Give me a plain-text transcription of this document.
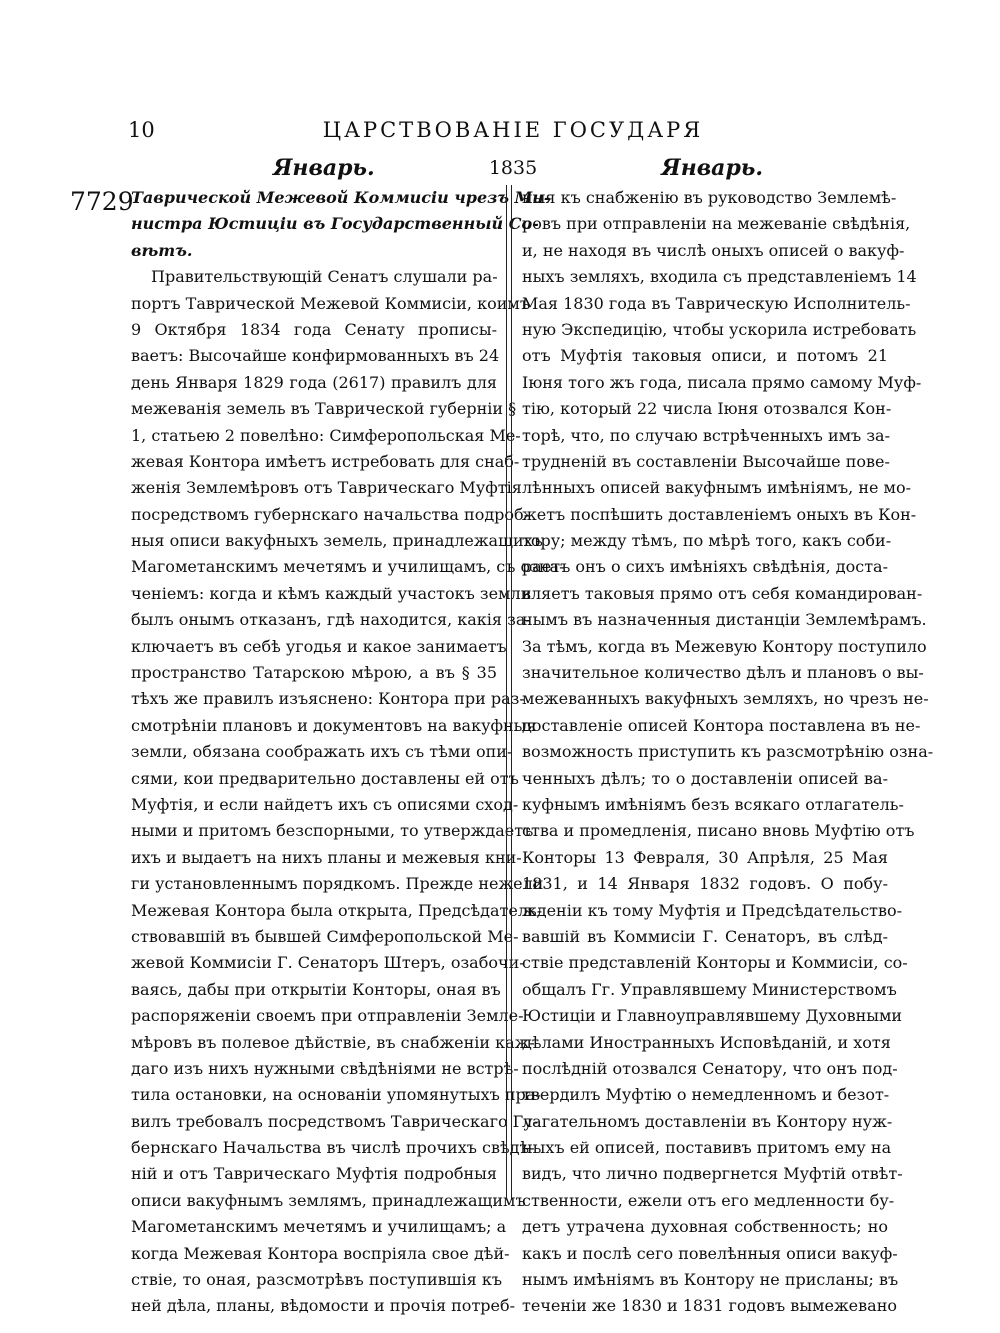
10	ЦАРСТВОВАНІЕ ГОСУДАРЯ
Январь.	1835	Январь.
7729
Таврической Межевой Коммисіи чрезъ Ми-
нистра Юстиціи въ Государственный Со-
вѣтъ.
Правительствующій Сенатъ слушали ра-
портъ Таврической Межевой Коммисіи, коимъ
9 Октября 1834 года Сенату прописы-
ваетъ: Высочайше конфирмованныхъ въ 24
день Января 1829 года (2617) правилъ для
межеванія земель въ Таврической губерніи §
1, статьею 2 повелѣно: Симферопольская Ме-
жевая Контора имѣетъ истребовать для снаб-
женія Землемѣровъ отъ Таврическаго Муфтія
посредствомъ губернскаго начальства подроб-
ныя описи вакуфныхъ земель, принадлежащихъ
Магометанскимъ мечетямъ и училищамъ, съ озна-
ченіемъ: когда и кѣмъ каждый участокъ земли
былъ онымъ отказанъ, гдѣ находится, какія за-
ключаетъ въ себѣ угодья и какое занимаетъ
пространство Татарскою мѣрою, а въ § 35
тѣхъ же правилъ изъяснено: Контора при раз-
смотрѣніи плановъ и документовъ на вакуфныя
земли, обязана соображать ихъ съ тѣми опи-
сями, кои предварительно доставлены ей отъ
Муфтія, и если найдетъ ихъ съ описями сход-
ными и притомъ безспорными, то утверждаетъ
ихъ и выдаетъ на нихъ планы и межевыя кни-
ги установленнымъ порядкомъ. Прежде нежели
Межевая Контора была открыта, Предсѣдатель-
ствовавшій въ бывшей Симферопольской Ме-
жевой Коммисіи Г. Сенаторъ Штеръ, озабочи-
ваясь, дабы при открытіи Конторы, оная въ
распоряженіи своемъ при отправленіи Земле-
мѣровъ въ полевое дѣйствіе, въ снабженіи каж-
даго изъ нихъ нужными свѣдѣніями не встрѣ-
тила остановки, на основаніи упомянутыхъ пра-
вилъ требовалъ посредствомъ Таврическаго Гу-
бернскаго Начальства въ числѣ прочихъ свѣдѣ-
ній и отъ Таврическаго Муфтія подробныя
описи вакуфнымъ землямъ, принадлежащимъ
Магометанскимъ мечетямъ и училищамъ; а
когда Межевая Контора воспріяла свое дѣй-
ствіе, то оная, разсмотрѣвъ поступившія къ
ней дѣла, планы, вѣдомости и прочія потреб-
ныя къ снабженію въ руководство Землемѣ-
ровъ при отправленіи на межеваніе свѣдѣнія,
и, не находя въ числѣ оныхъ описей о вакуф-
ныхъ земляхъ, входила съ представленіемъ 14
Мая 1830 года въ Таврическую Исполнитель-
ную Экспедицію, чтобы ускорила истребовать
отъ Муфтія таковыя описи, и потомъ 21
Іюня того жъ года, писала прямо самому Муф-
тію, который 22 числа Іюня отозвался Кон-
торѣ, что, по случаю встрѣченныхъ имъ за-
трудненій въ составленіи Высочайше пове-
лѣнныхъ описей вакуфнымъ имѣніямъ, не мо-
жетъ поспѣшить доставленіемъ оныхъ въ Кон-
тору; между тѣмъ, по мѣрѣ того, какъ соби-
раетъ онъ о сихъ имѣніяхъ свѣдѣнія, доста-
вляетъ таковыя прямо отъ себя командирован-
нымъ въ назначенныя дистанціи Землемѣрамъ.
За тѣмъ, когда въ Межевую Контору поступило
значительное количество дѣлъ и плановъ о вы-
межеванныхъ вакуфныхъ земляхъ, но чрезъ не-
доставленіе описей Контора поставлена въ не-
возможность приступить къ разсмотрѣнію озна-
ченныхъ дѣлъ; то о доставленіи описей ва-
куфнымъ имѣніямъ безъ всякаго отлагатель-
ства и промедленія, писано вновь Муфтію отъ
Конторы 13 Февраля, 30 Апрѣля, 25 Мая
1831, и 14 Января 1832 годовъ. О побу-
жденіи къ тому Муфтія и Предсѣдательство-
вавшій въ Коммисіи Г. Сенаторъ, въ слѣд-
ствіе представленій Конторы и Коммисіи, со-
общалъ Гг. Управлявшему Министерствомъ
Юстиціи и Главноуправлявшему Духовными
дѣлами Иностранныхъ Исповѣданій, и хотя
послѣдній отозвался Сенатору, что онъ под-
твердилъ Муфтію о немедленномъ и безот-
лагательномъ доставленіи въ Контору нуж-
ныхъ ей описей, поставивъ притомъ ему на
видъ, что лично подвергнется Муфтій отвѣт-
ственности, ежели отъ его медленности бу-
детъ утрачена духовная собственность; но
какъ и послѣ сего повелѣнныя описи вакуф-
нымъ имѣніямъ въ Контору не присланы; въ
теченіи же 1830 и 1831 годовъ вымежевано
